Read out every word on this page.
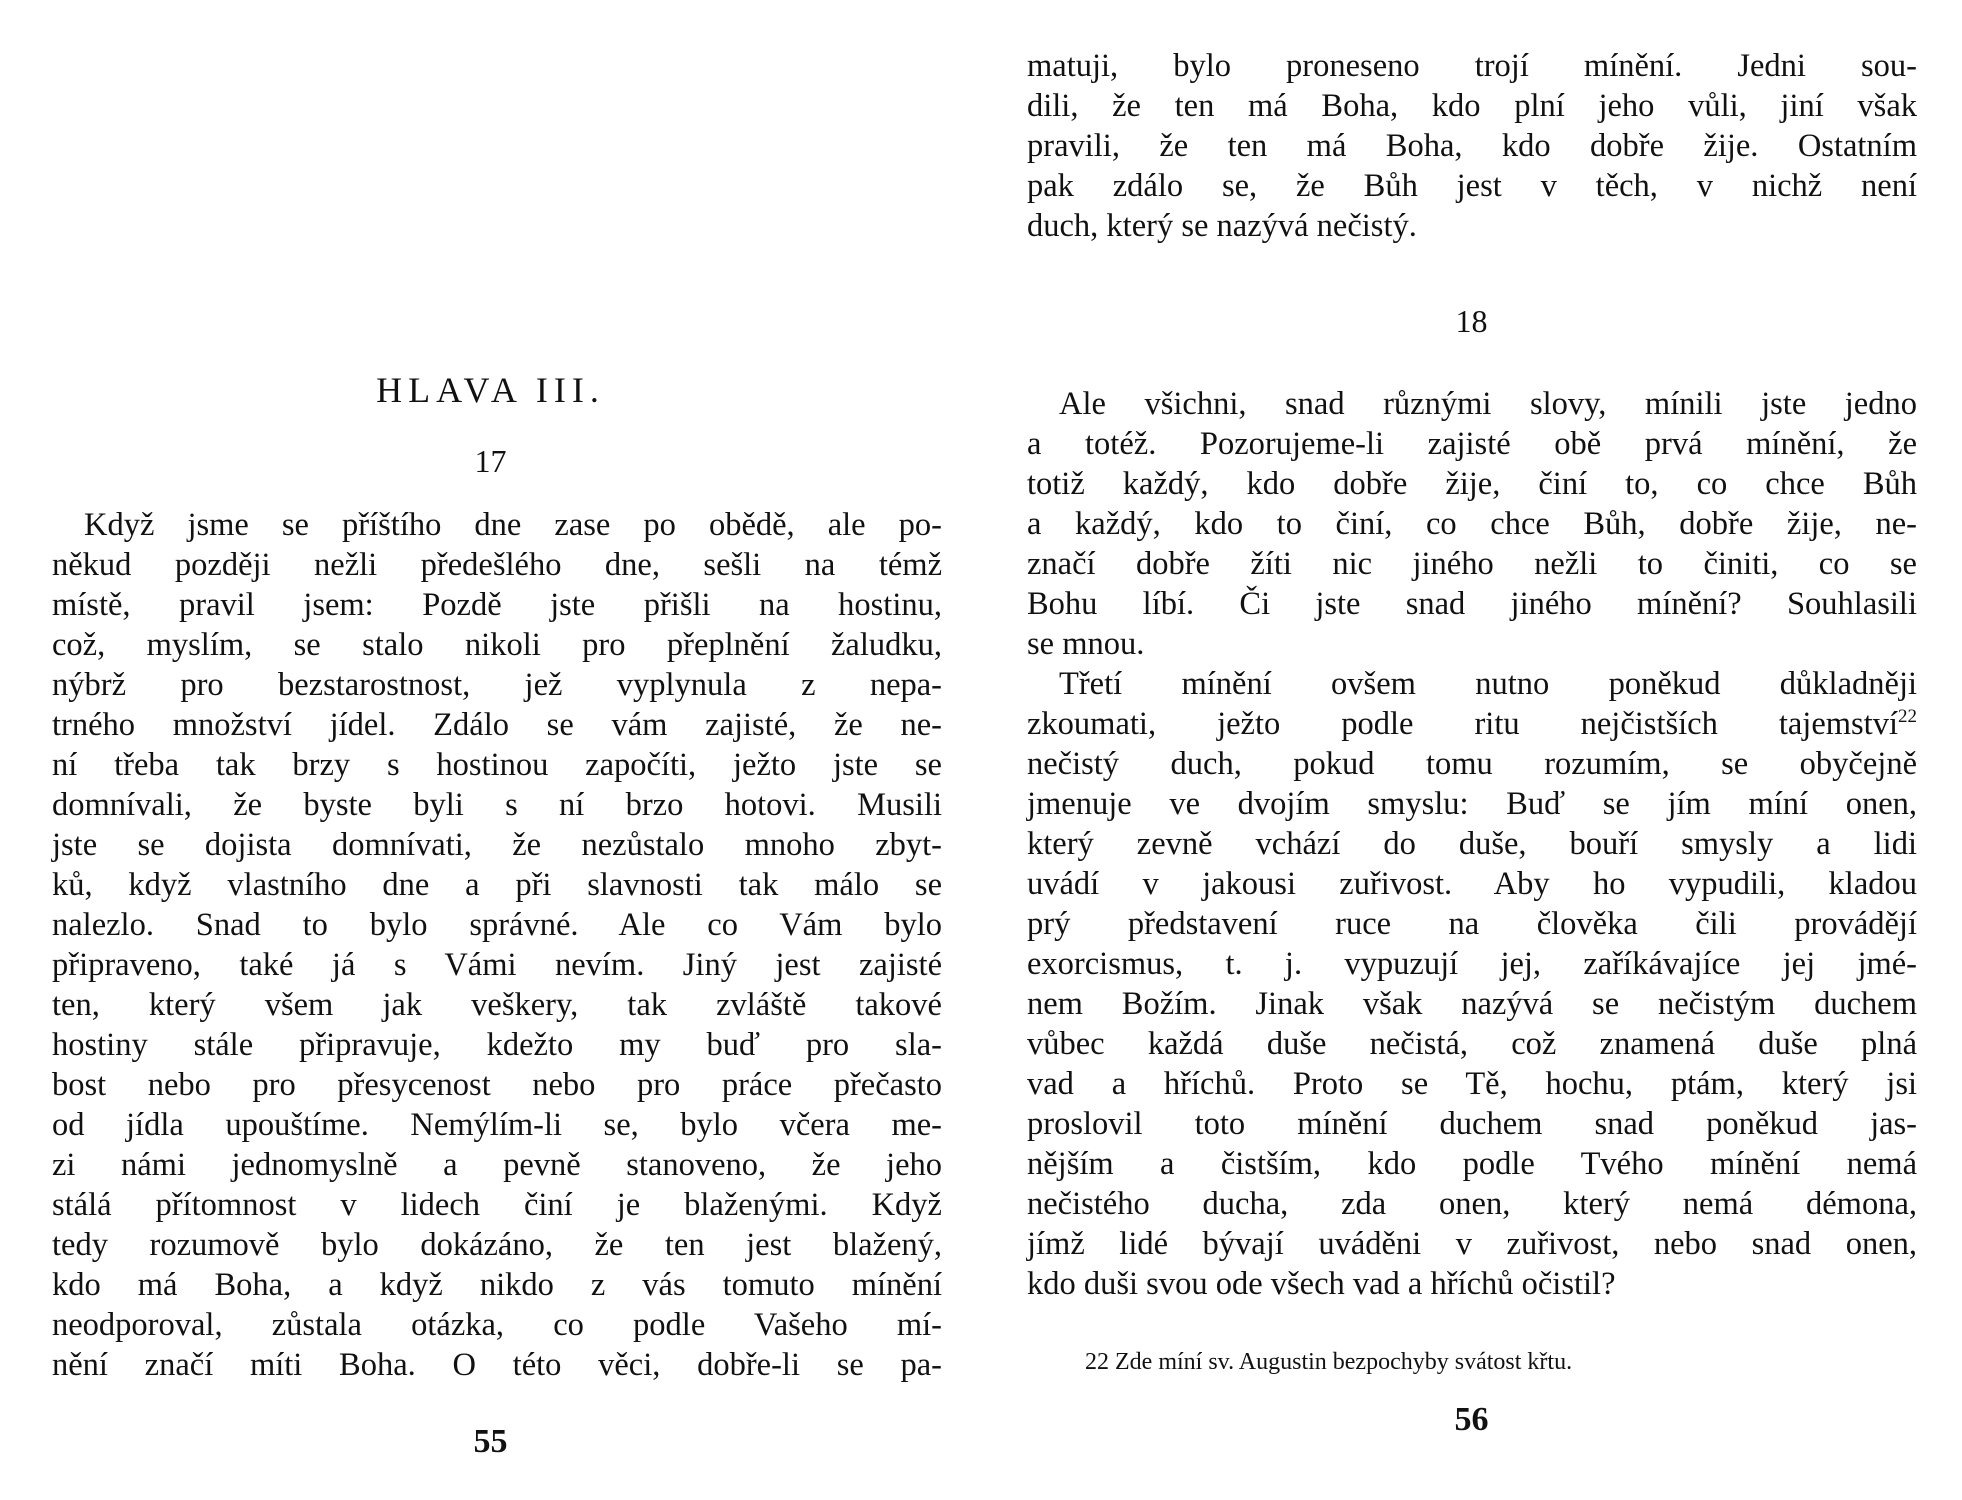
HLAVA III.
17

Když jsme se příštího dne zase po obědě, ale po-

někud později nežli předešlého dne, sešli na témž

místě, pravil jsem: Pozdě jste přišli na hostinu,

což, myslím, se stalo nikoli pro přeplnění žaludku,

nýbrž pro bezstarostnost, jež vyplynula z nepa-

trného množství jídel. Zdálo se vám zajisté, že ne-

ní třeba tak brzy s hostinou započíti, ježto jste se

domnívali, že byste byli s ní brzo hotovi. Musili

jste se dojista domnívati, že nezůstalo mnoho zbyt-

ků, když vlastního dne a při slavnosti tak málo se

nalezlo. Snad to bylo správné. Ale co Vám bylo

připraveno, také já s Vámi nevím. Jiný jest zajisté

ten, který všem jak veškery, tak zvláště takové

hostiny stále připravuje, kdežto my buď pro sla-

bost nebo pro přesycenost nebo pro práce přečasto

od jídla upouštíme. Nemýlím-li se, bylo včera me-

zi námi jednomyslně a pevně stanoveno, že jeho

stálá přítomnost v lidech činí je blaženými. Když

tedy rozumově bylo dokázáno, že ten jest blažený,

kdo má Boha, a když nikdo z vás tomuto mínění

neodporoval, zůstala otázka, co podle Vašeho mí-

nění značí míti Boha. O této věci, dobře-li se pa-

55

matuji, bylo proneseno trojí mínění. Jedni sou-

dili, že ten má Boha, kdo plní jeho vůli, jiní však

pravili, že ten má Boha, kdo dobře žije. Ostatním

pak zdálo se, že Bůh jest v těch, v nichž není

duch, který se nazývá nečistý.

18

Ale všichni, snad různými slovy, mínili jste jedno

a totéž. Pozorujeme-li zajisté obě prvá mínění, že

totiž každý, kdo dobře žije, činí to, co chce Bůh

a každý, kdo to činí, co chce Bůh, dobře žije, ne-

značí dobře žíti nic jiného nežli to činiti, co se

Bohu líbí. Či jste snad jiného mínění? Souhlasili

se mnou.

Třetí mínění ovšem nutno poněkud důkladněji

zkoumati, ježto podle ritu nejčistších tajemství$^{22}$

nečistý duch, pokud tomu rozumím, se obyčejně

jmenuje ve dvojím smyslu: Buď se jím míní onen,

který zevně vchází do duše, bouří smysly a lidi

uvádí v jakousi zuřivost. Aby ho vypudili, kladou

prý představení ruce na člověka čili provádějí

exorcismus, t. j. vypuzují jej, zaříkávajíce jej jmé-

nem Božím. Jinak však nazývá se nečistým duchem

vůbec každá duše nečistá, což znamená duše plná

vad a hříchů. Proto se Tě, hochu, ptám, který jsi

proslovil toto mínění duchem snad poněkud jas-

nějším a čistším, kdo podle Tvého mínění nemá

nečistého ducha, zda onen, který nemá démona,

jímž lidé bývají uváděni v zuřivost, nebo snad onen,

kdo duši svou ode všech vad a hříchů očistil?

22 Zde míní sv. Augustin bezpochyby svátost křtu.
56
